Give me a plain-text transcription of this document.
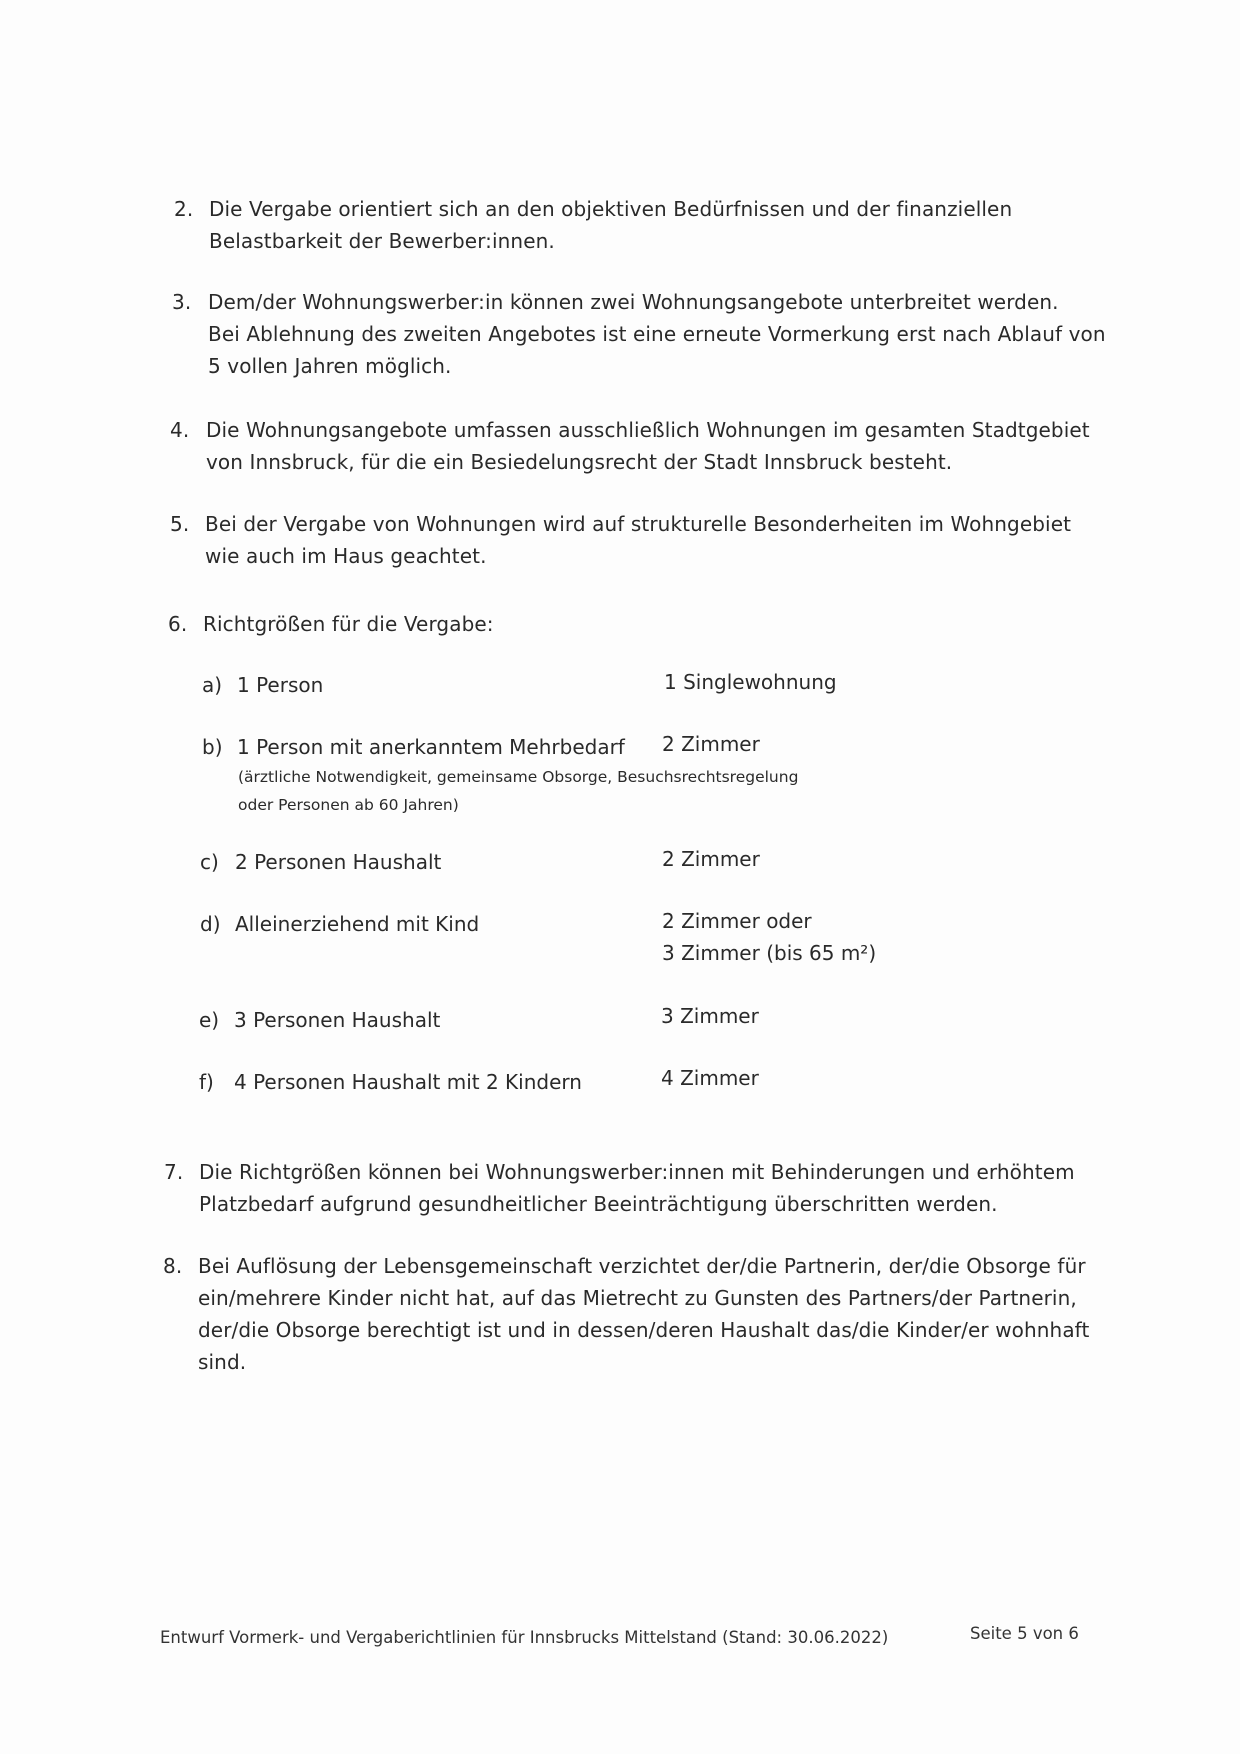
2. Die Vergabe orientiert sich an den objektiven Bedürfnissen und der finanziellen
Belastbarkeit der Bewerber:innen.
3. Dem/der Wohnungswerber:in können zwei Wohnungsangebote unterbreitet werden.
Bei Ablehnung des zweiten Angebotes ist eine erneute Vormerkung erst nach Ablauf von
5 vollen Jahren möglich.
4. Die Wohnungsangebote umfassen ausschließlich Wohnungen im gesamten Stadtgebiet
von Innsbruck, für die ein Besiedelungsrecht der Stadt Innsbruck besteht.
5. Bei der Vergabe von Wohnungen wird auf strukturelle Besonderheiten im Wohngebiet
wie auch im Haus geachtet.
6. Richtgrößen für die Vergabe:
a) 1 Person	1 Singlewohnung
b) 1 Person mit anerkanntem Mehrbedarf
(ärztliche Notwendigkeit, gemeinsame Obsorge, Besuchsrechtsregelung
oder Personen ab 60 Jahren)
2 Zimmer
c) 2 Personen Haushalt	2 Zimmer
d) Alleinerziehend mit Kind	2 Zimmer oder
3 Zimmer (bis 65 m²)
e) 3 Personen Haushalt	3 Zimmer
f) 4 Personen Haushalt mit 2 Kindern	4 Zimmer
7. Die Richtgrößen können bei Wohnungswerber:innen mit Behinderungen und erhöhtem
Platzbedarf aufgrund gesundheitlicher Beeinträchtigung überschritten werden.
8. Bei Auflösung der Lebensgemeinschaft verzichtet der/die Partnerin, der/die Obsorge für
ein/mehrere Kinder nicht hat, auf das Mietrecht zu Gunsten des Partners/der Partnerin,
der/die Obsorge berechtigt ist und in dessen/deren Haushalt das/die Kinder/er wohnhaft
sind.
Entwurf Vormerk- und Vergaberichtlinien für Innsbrucks Mittelstand (Stand: 30.06.2022)	Seite 5 von 6
